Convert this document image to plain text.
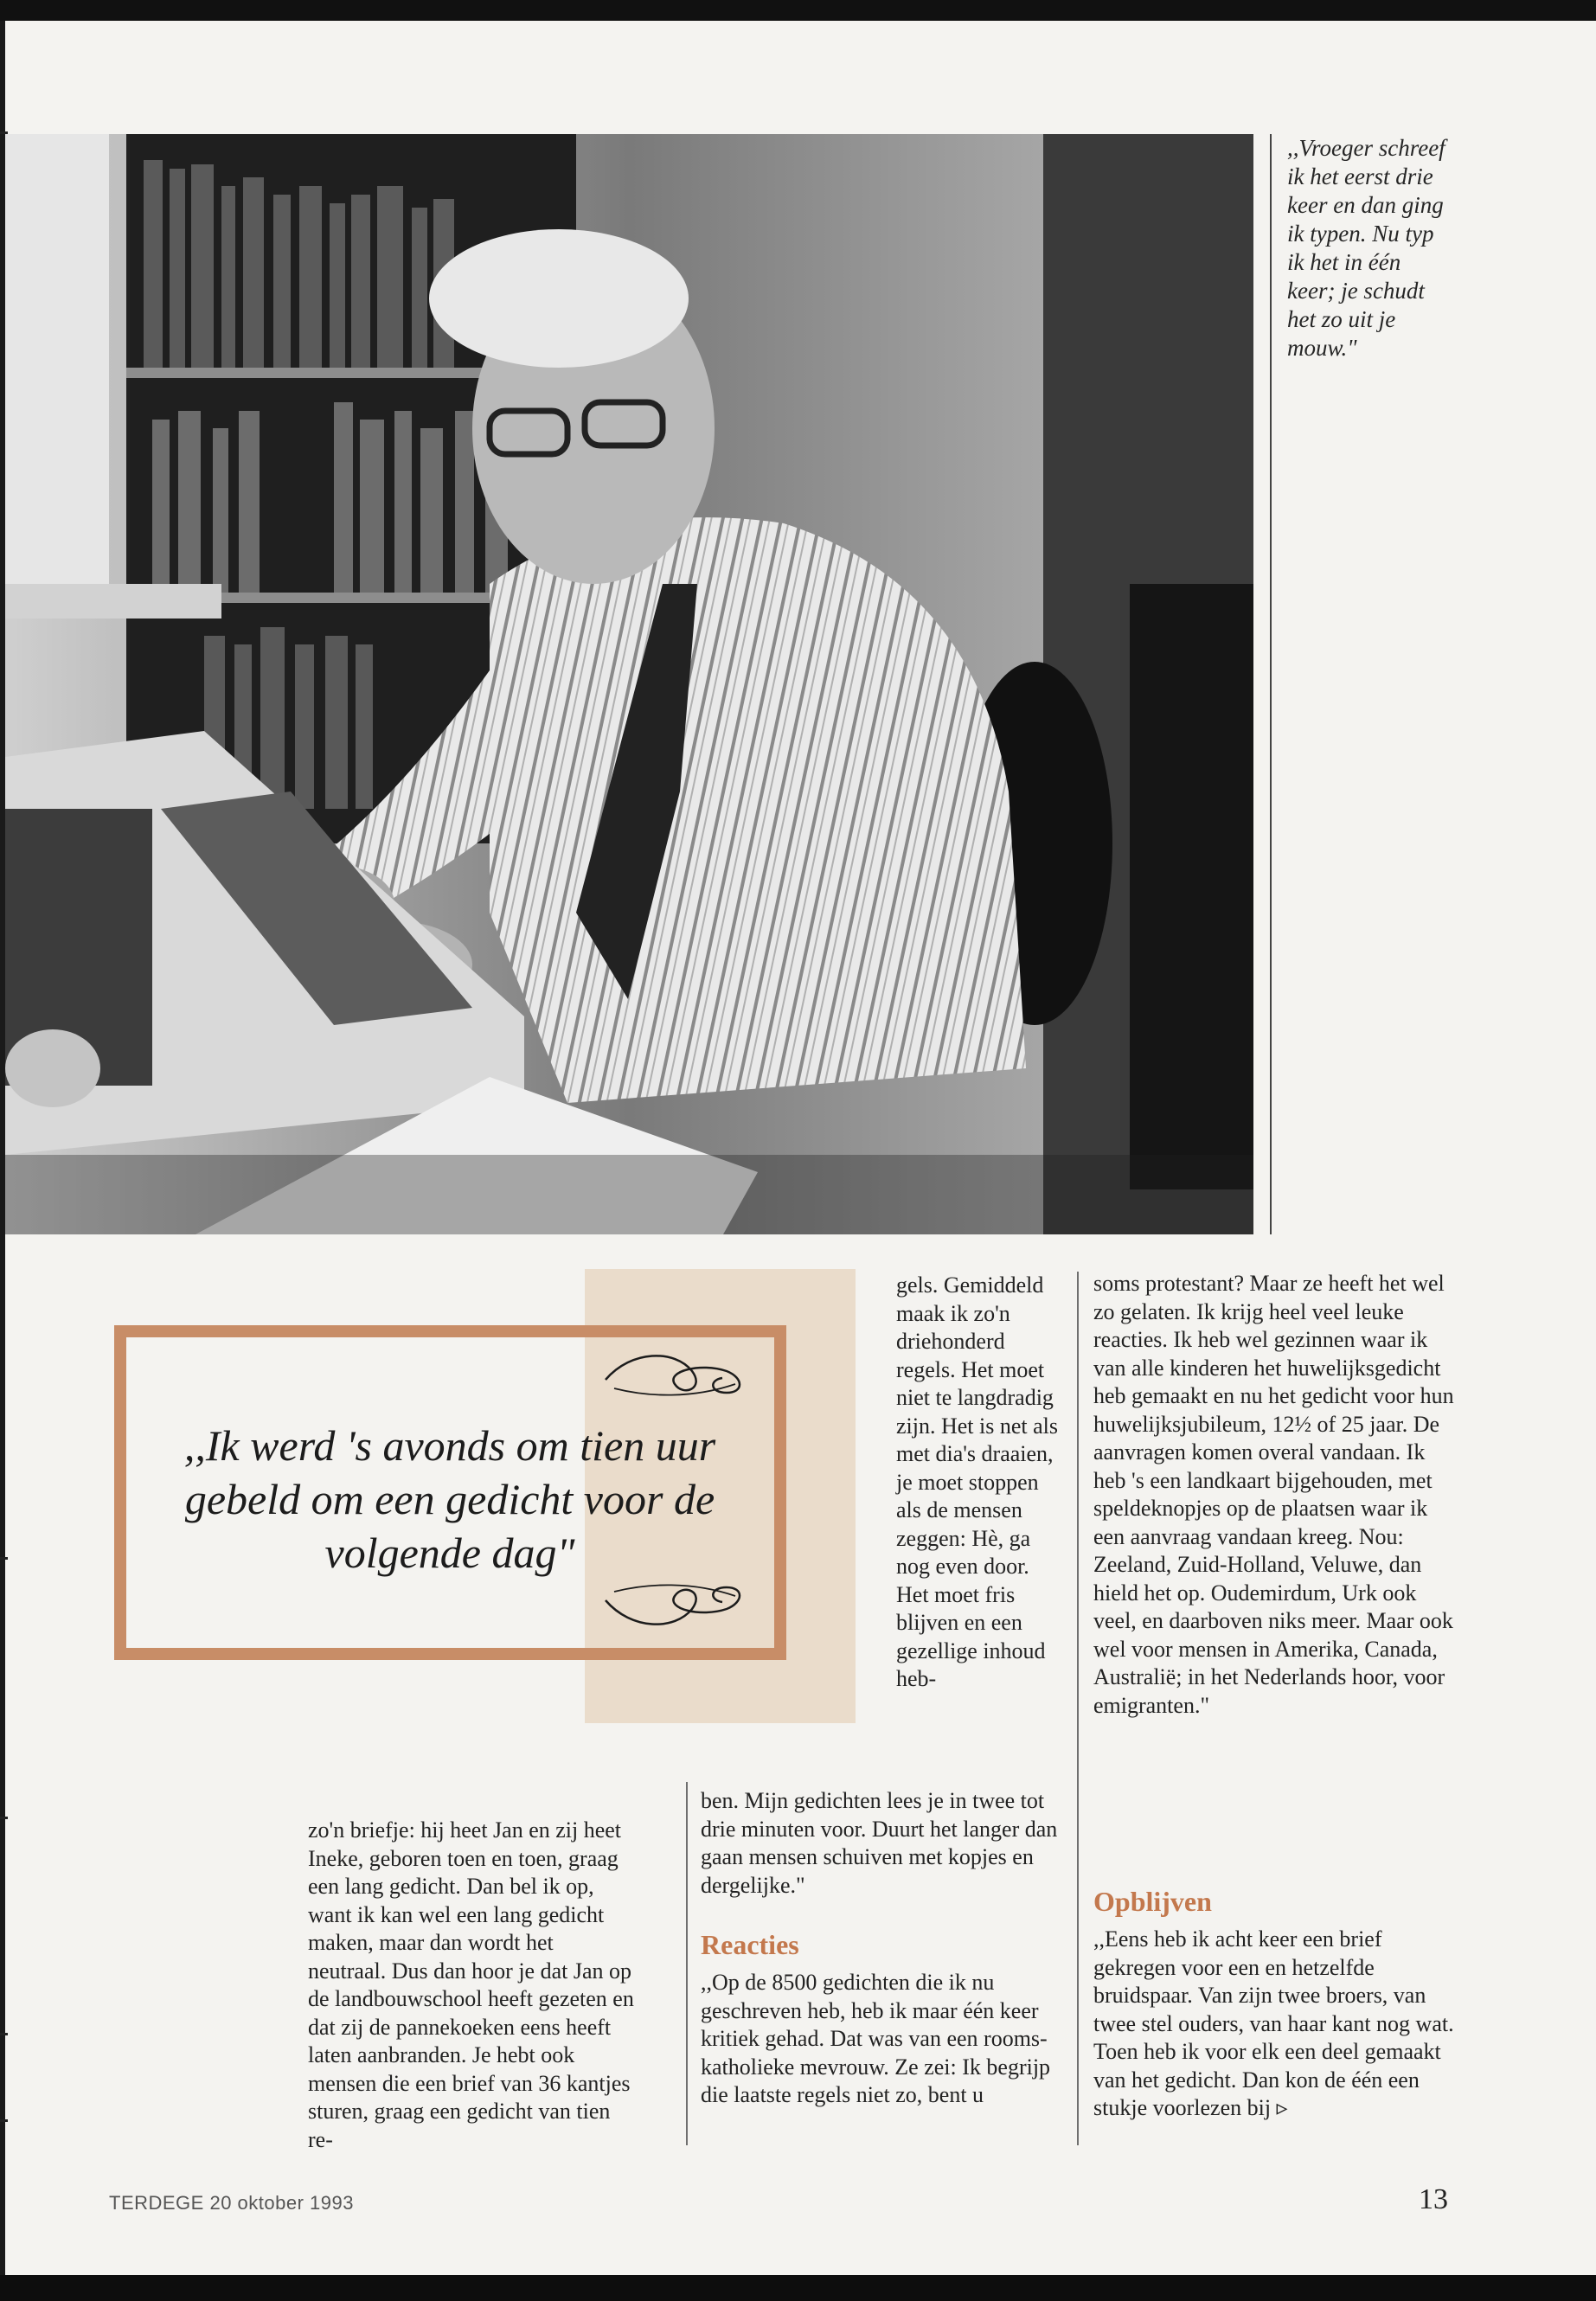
,,Vroeger schreef ik het eerst drie keer en dan ging ik typen. Nu typ ik het in één keer; je schudt het zo uit je mouw."
,,Ik werd 's avonds om tien uur gebeld om een gedicht voor de volgende dag"

zo'n briefje: hij heet Jan en zij heet Ineke, geboren toen en toen, graag een lang gedicht. Dan bel ik op, want ik kan wel een lang gedicht maken, maar dan wordt het neutraal. Dus dan hoor je dat Jan op de landbouwschool heeft gezeten en dat zij de pannekoeken eens heeft laten aanbranden. Je hebt ook mensen die een brief van 36 kantjes sturen, graag een gedicht van tien re-

gels. Gemiddeld maak ik zo'n driehonderd regels. Het moet niet te langdradig zijn. Het is net als met dia's draaien, je moet stoppen als de mensen zeggen: Hè, ga nog even door. Het moet fris blijven en een gezellige inhoud heb-

ben. Mijn gedichten lees je in twee tot drie minuten voor. Duurt het langer dan gaan mensen schuiven met kopjes en dergelijke."

Reacties

,,Op de 8500 gedichten die ik nu geschreven heb, heb ik maar één keer kritiek gehad. Dat was van een rooms-katholieke mevrouw. Ze zei: Ik begrijp die laatste regels niet zo, bent u

soms protestant? Maar ze heeft het wel zo gelaten. Ik krijg heel veel leuke reacties. Ik heb wel gezinnen waar ik van alle kinderen het huwelijksgedicht heb gemaakt en nu het gedicht voor hun huwelijksjubileum, 12½ of 25 jaar. De aanvragen komen overal vandaan. Ik heb 's een landkaart bijgehouden, met speldeknopjes op de plaatsen waar ik een aanvraag vandaan kreeg. Nou: Zeeland, Zuid-Holland, Veluwe, dan hield het op. Oudemirdum, Urk ook veel, en daarboven niks meer. Maar ook wel voor mensen in Amerika, Canada, Australië; in het Nederlands hoor, voor emigranten."

Opblijven

,,Eens heb ik acht keer een brief gekregen voor een en hetzelfde bruidspaar. Van zijn twee broers, van twee stel ouders, van haar kant nog wat. Toen heb ik voor elk een deel gemaakt van het gedicht. Dan kon de één een stukje voorlezen bij ▹

TERDEGE 20 oktober 1993	13
